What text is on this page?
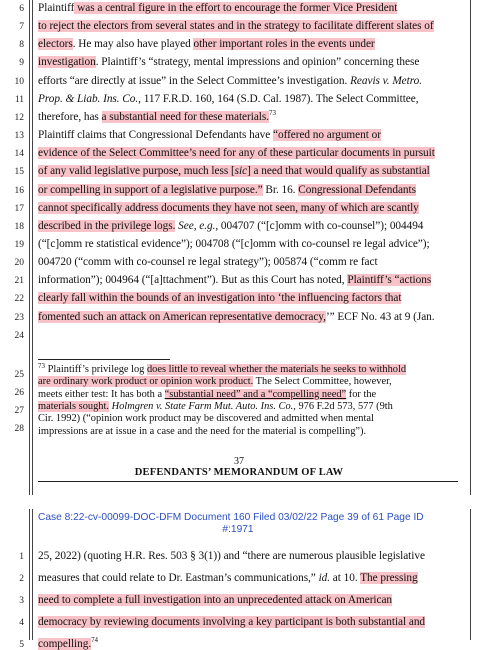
6 Plaintiff was a central figure in the effort to encourage the former Vice President
7 to reject the electors from several states and in the strategy to facilitate different slates of
8 electors. He may also have played other important roles in the events under
9 investigation. Plaintiff’s “strategy, mental impressions and opinion” concerning these
10 efforts “are directly at issue” in the Select Committee’s investigation. Reavis v. Metro.
11 Prop. & Liab. Ins. Co., 117 F.R.D. 160, 164 (S.D. Cal. 1987). The Select Committee,
12 therefore, has a substantial need for these materials.$^{73}$
13 Plaintiff claims that Congressional Defendants have “offered no argument or
14 evidence of the Select Committee’s need for any of these particular documents in pursuit
15 of any valid legislative purpose, much less [sic] a need that would qualify as substantial
16 or compelling in support of a legislative purpose.” Br. 16. Congressional Defendants
17 cannot specifically address documents they have not seen, many of which are scantly
18 described in the privilege logs. See, e.g., 004707 (“[c]omm with co-counsel”); 004494
19 (“[c]omm re statistical evidence”); 004708 (“[c]omm with co-counsel re legal advice”);
20 004720 (“comm with co-counsel re legal strategy”); 005874 (“comm re fact
21 information”); 004964 (“[a]ttachment”). But as this Court has noted, Plaintiff’s “actions
22 clearly fall within the bounds of an investigation into ‘the influencing factors that
23 fomented such an attack on American representative democracy,’” ECF No. 43 at 9 (Jan.
24
$^{73}$ Plaintiff’s privilege log does little to reveal whether the materials he seeks to withhold
are ordinary work product or opinion work product. The Select Committee, however,
meets either test: It has both a “substantial need” and a “compelling need” for the
materials sought. Holmgren v. State Farm Mut. Auto. Ins. Co., 976 F.2d 573, 577 (9th
Cir. 1992) (“opinion work product may be discovered and admitted when mental
impressions are at issue in a case and the need for the material is compelling”).
25
26
27
28
37
DEFENDANTS’ MEMORANDUM OF LAW
Case 8:22-cv-00099-DOC-DFM Document 160 Filed 03/02/22 Page 39 of 61 Page ID
#:1971
1 25, 2022) (quoting H.R. Res. 503 § 3(1)) and “there are numerous plausible legislative
2 measures that could relate to Dr. Eastman’s communications,” id. at 10. The pressing
3 need to complete a full investigation into an unprecedented attack on American
4 democracy by reviewing documents involving a key participant is both substantial and
5 compelling.$^{74}$
